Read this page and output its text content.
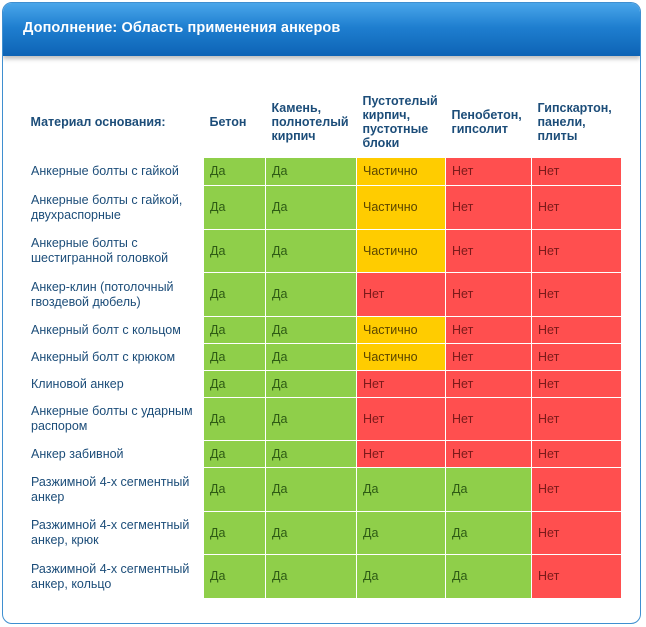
Дополнение: Область применения анкеров
Материал основания:	Бетон	Камень, полнотелый кирпич	Пустотелый кирпич, пустотные блоки	Пенобетон, гипсолит	Гипскартон, панели, плиты
Анкерные болты с гайкой	Да	Да	Частично	Нет	Нет
Анкерные болты с гайкой, двухраспорные	Да	Да	Частично	Нет	Нет
Анкерные болты с шестигранной головкой	Да	Да	Частично	Нет	Нет
Анкер-клин (потолочный гвоздевой дюбель)	Да	Да	Нет	Нет	Нет
Анкерный болт с кольцом	Да	Да	Частично	Нет	Нет
Анкерный болт с крюком	Да	Да	Частично	Нет	Нет
Клиновой анкер	Да	Да	Нет	Нет	Нет
Анкерные болты с ударным распором	Да	Да	Нет	Нет	Нет
Анкер забивной	Да	Да	Нет	Нет	Нет
Разжимной 4-х сегментный анкер	Да	Да	Да	Да	Нет
Разжимной 4-х сегментный анкер, крюк	Да	Да	Да	Да	Нет
Разжимной 4-х сегментный анкер, кольцо	Да	Да	Да	Да	Нет
